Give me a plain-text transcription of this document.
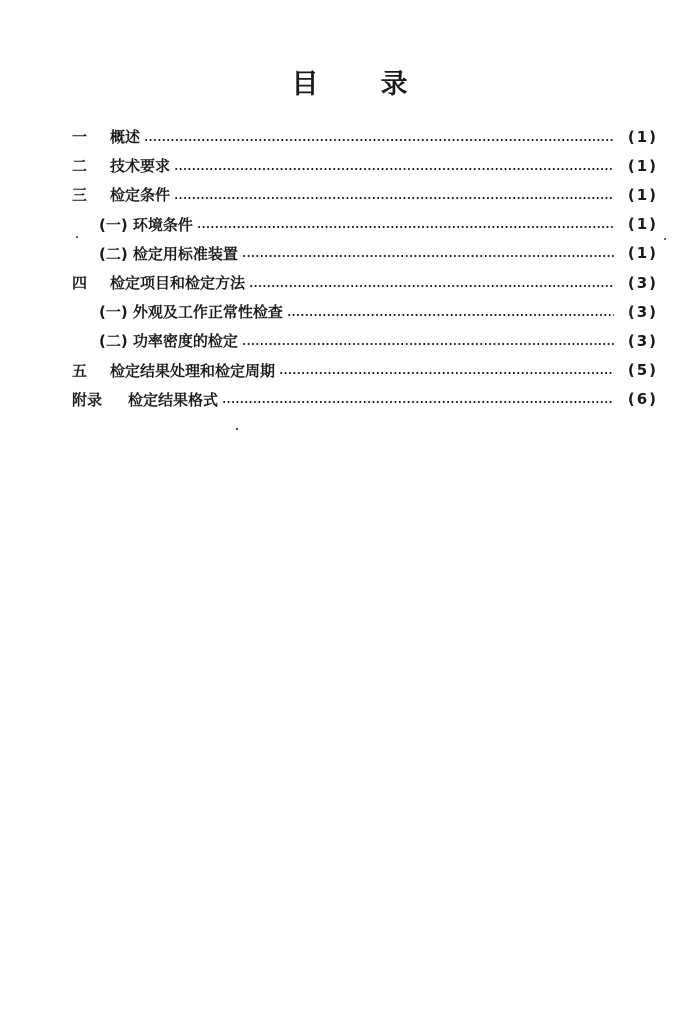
目 录
一	概述	(1)
二	技术要求	(1)
三	检定条件	(1)
(一) 环境条件	(1)
(二) 检定用标准装置	(1)
四	检定项目和检定方法	(3)
(一) 外观及工作正常性检查	(3)
(二) 功率密度的检定	(3)
五	检定结果处理和检定周期	(5)
附录	检定结果格式	(6)
